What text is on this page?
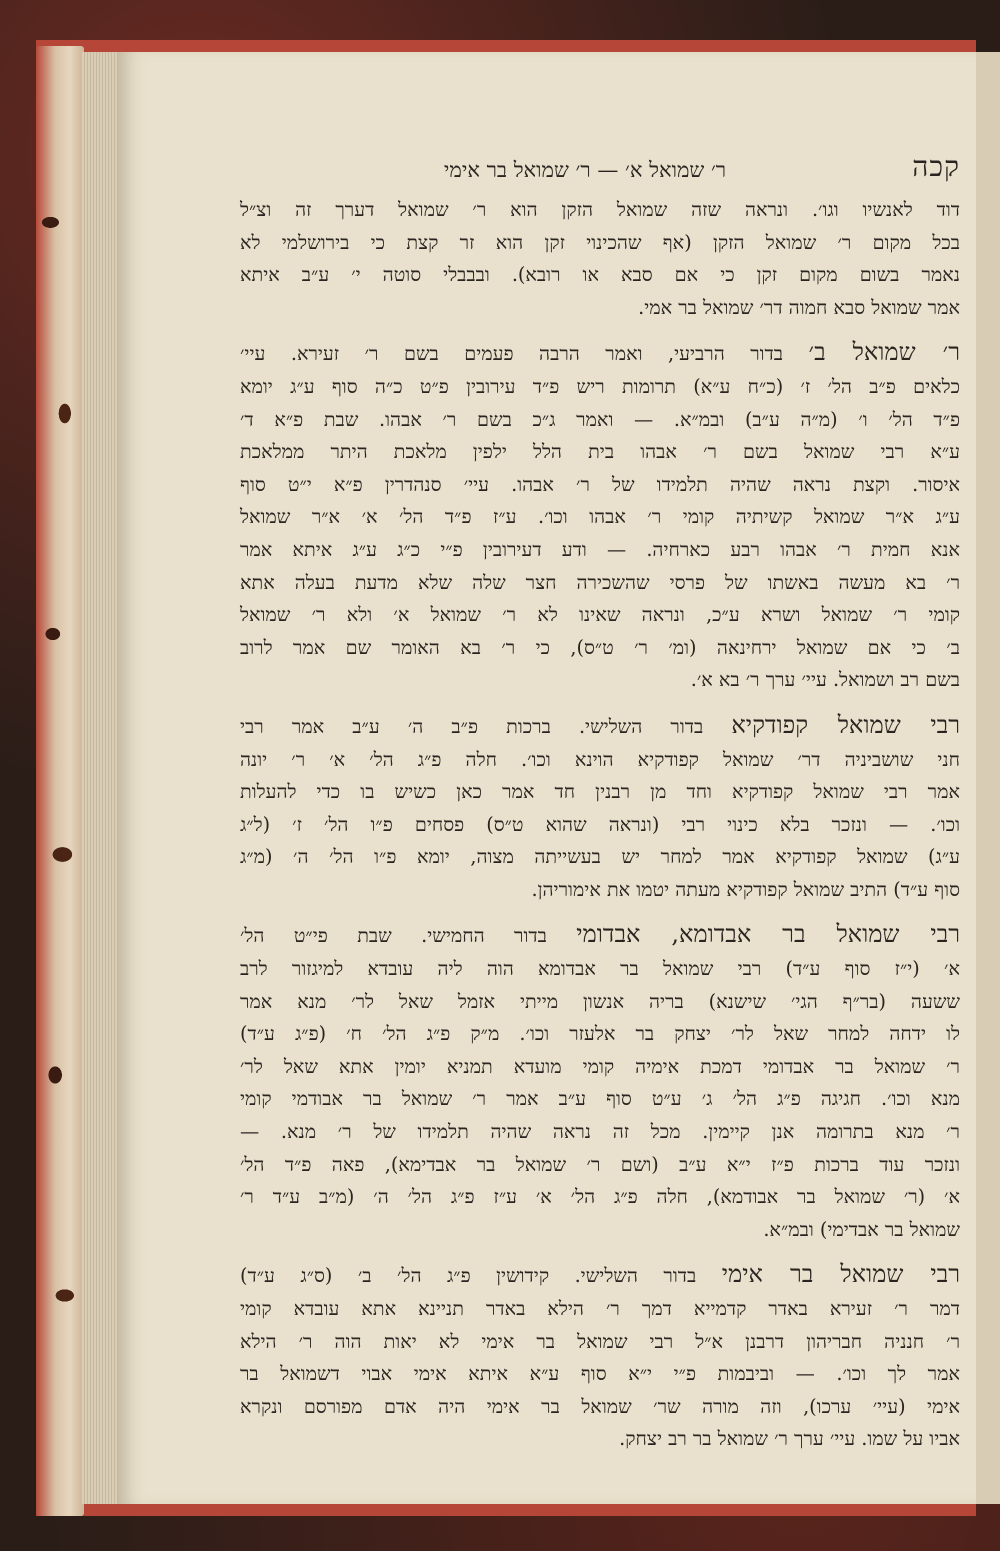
קכה
ר׳ שמואל א׳ — ר׳ שמואל בר אימי

דוד לאנשיו וגו׳. ונראה שזה שמואל הזקן הוא ר׳ שמואל דערך זה וצ״ל
בכל מקום ר׳ שמואל הזקן (אף שהכינוי זקן הוא זר קצת כי בירושלמי לא
נאמר בשום מקום זקן כי אם סבא או רובא). ובבבלי סוטה י׳ ע״ב איתא
אמר שמואל סבא חמוה דר׳ שמואל בר אמי.

ר׳ שמואל ב׳ בדור הרביעי, ואמר הרבה פעמים בשם ר׳ זעירא. עיי׳
כלאים פ״ב הל׳ ז׳ (כ״ח ע״א) תרומות ריש פ״ד עירובין פ״ט כ״ה סוף ע״ג יומא
פ״ד הל׳ ו׳ (מ״ה ע״ב) ובמ״א. — ואמר ג״כ בשם ר׳ אבהו. שבת פ״א ד׳
ע״א רבי שמואל בשם ר׳ אבהו בית הלל ילפין מלאכת היתר ממלאכת
איסור. וקצת נראה שהיה תלמידו של ר׳ אבהו. עיי׳ סנהדרין פ״א י״ט סוף
ע״ג א״ר שמואל קשיתיה קומי ר׳ אבהו וכו׳. ע״ז פ״ד הל׳ א׳ א״ר שמואל
אנא חמית ר׳ אבהו רבע כארחיה. — ודע דעירובין פ״י כ״ג ע״ג איתא אמר
ר׳ בא מעשה באשתו של פרסי שהשכירה חצר שלה שלא מדעת בעלה אתא
קומי ר׳ שמואל ושרא ע״כ, ונראה שאינו לא ר׳ שמואל א׳ ולא ר׳ שמואל
ב׳ כי אם שמואל ירחינאה (ומ׳ ר׳ ט״ס), כי ר׳ בא האומר שם אמר לרוב
בשם רב ושמואל. עיי׳ ערך ר׳ בא א׳.

רבי שמואל קפודקיא בדור השלישי. ברכות פ״ב ה׳ ע״ב אמר רבי
חני שושביניה דר׳ שמואל קפודקיא הוינא וכו׳. חלה פ״ג הל׳ א׳ ר׳ יונה
אמר רבי שמואל קפודקיא וחד מן רבנין חד אמר כאן כשיש בו כדי להעלות
וכו׳. — ונזכר בלא כינוי רבי (ונראה שהוא ט״ס) פסחים פ״ו הל׳ ז׳ (ל״ג
ע״ג) שמואל קפודקיא אמר למחר יש בעשייתה מצוה, יומא פ״ו הל׳ ה׳ (מ״ג
סוף ע״ד) התיב שמואל קפודקיא מעתה יטמו את אימוריהן.

רבי שמואל בר אבדומא, אבדומי בדור החמישי. שבת פי״ט הל׳
א׳ (י״ז סוף ע״ד) רבי שמואל בר אבדומא הוה ליה עובדא למיגזור לרב
ששעה (בר״ף הגי׳ שישנא) בריה אנשון מייתי אזמל שאל לר׳ מנא אמר
לו ידחה למחר שאל לר׳ יצחק בר אלעזר וכו׳. מ״ק פ״ג הל׳ ח׳ (פ״ג ע״ד)
ר׳ שמואל בר אבדומי דמכת אימיה קומי מועדא תמניא יומין אתא שאל לר׳
מנא וכו׳. חגיגה פ״ג הל׳ ג׳ ע״ט סוף ע״ב אמר ר׳ שמואל בר אבודמי קומי
ר׳ מנא בתרומה אנן קיימין. מכל זה נראה שהיה תלמידו של ר׳ מנא. —
ונזכר עוד ברכות פ״ז י״א ע״ב (ושם ר׳ שמואל בר אבדימא), פאה פ״ד הל׳
א׳ (ר׳ שמואל בר אבודמא), חלה פ״ג הל׳ א׳ ע״ז פ״ג הל׳ ה׳ (מ״ב ע״ד ר׳
שמואל בר אבדימי) ובמ״א.

רבי שמואל בר אימי בדור השלישי. קידושין פ״ג הל׳ ב׳ (ס״ג ע״ד)
דמר ר׳ זעירא באדר קדמייא דמך ר׳ הילא באדר תניינא אתא עובדא קומי
ר׳ חנניה חבריהון דרבנן א״ל רבי שמואל בר אימי לא יאות הוה ר׳ הילא
אמר לך וכו׳. — וביבמות פ״י י״א סוף ע״א איתא אימי אבוי דשמואל בר
אימי (עיי׳ ערכו), וזה מורה שר׳ שמואל בר אימי היה אדם מפורסם ונקרא
אביו על שמו. עיי׳ ערך ר׳ שמואל בר רב יצחק.
